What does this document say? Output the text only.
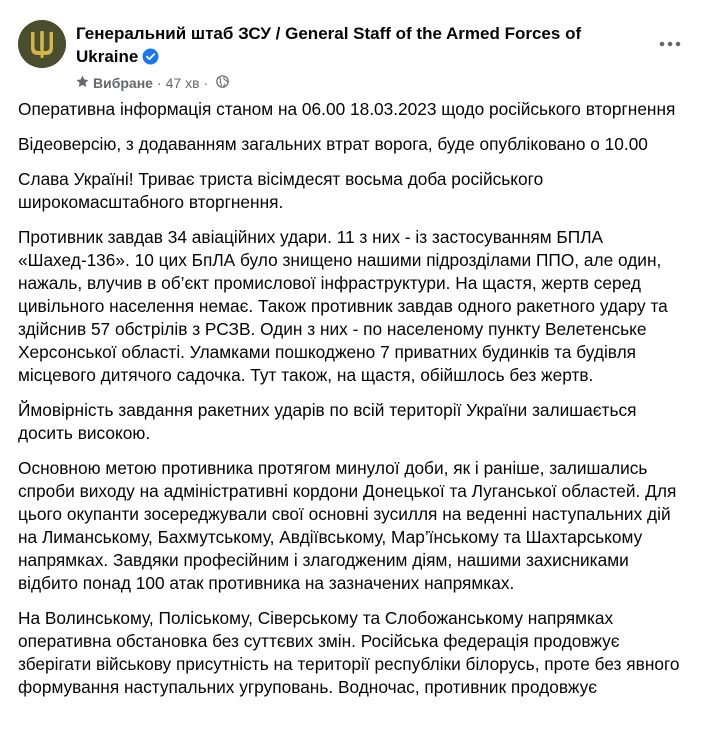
Генеральний штаб ЗСУ / General Staff of the Armed Forces of Ukraine
Вибране · 47 хв ·

Оперативна інформація станом на 06.00 18.03.2023 щодо російського вторгнення

Відеоверсію, з додаванням загальних втрат ворога, буде опубліковано о 10.00

Слава Україні! Триває триста вісімдесят восьма доба російського широкомасштабного вторгнення.

Противник завдав 34 авіаційних удари. 11 з них - із застосуванням БПЛА «Шахед-136». 10 цих БпЛА було знищено нашими підрозділами ППО, але один, нажаль, влучив в об’єкт промислової інфраструктури. На щастя, жертв серед цивільного населення немає. Також противник завдав одного ракетного удару та здійснив 57 обстрілів з РСЗВ. Один з них - по населеному пункту Велетенське Херсонської області. Уламками пошкоджено 7 приватних будинків та будівля місцевого дитячого садочка. Тут також, на щастя, обійшлось без жертв.

Ймовірність завдання ракетних ударів по всій території України залишається досить високою.

Основною метою противника протягом минулої доби, як і раніше, залишались спроби виходу на адміністративні кордони Донецької та Луганської областей. Для цього окупанти зосереджували свої основні зусилля на веденні наступальних дій на Лиманському, Бахмутському, Авдіївському, Мар’їнському та Шахтарському напрямках. Завдяки професійним і злагодженим діям, нашими захисниками відбито понад 100 атак противника на зазначених напрямках.

На Волинському, Поліському, Сіверському та Слобожанському напрямках оперативна обстановка без суттєвих змін. Російська федерація продовжує зберігати військову присутність на території республіки білорусь, проте без явного формування наступальних угруповань. Водночас, противник продовжує
